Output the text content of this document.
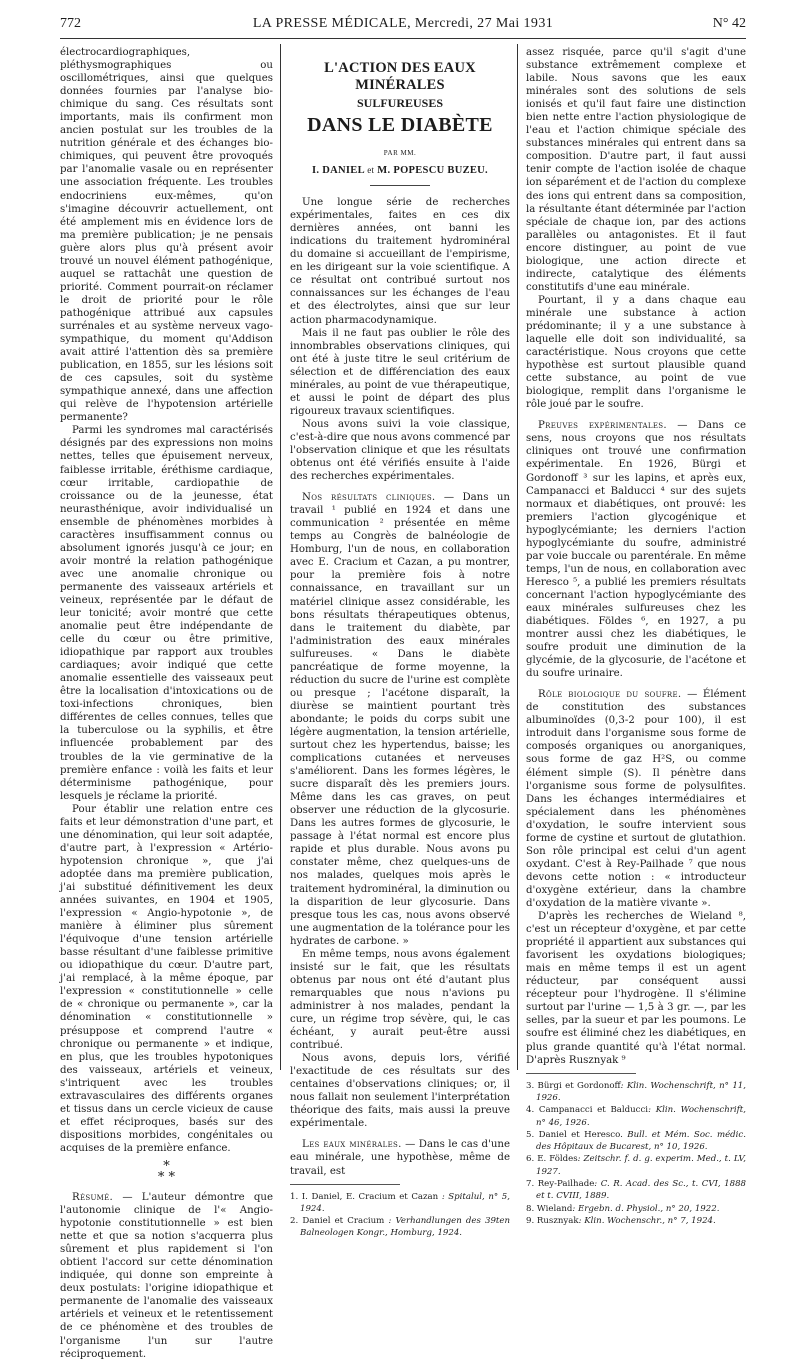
772	LA PRESSE MÉDICALE, Mercredi, 27 Mai 1931	N° 42

électrocardiographiques, pléthysmographiques ou oscillométriques, ainsi que quelques données fournies par l'analyse bio-chimique du sang. Ces résultats sont importants, mais ils confirment mon ancien postulat sur les troubles de la nutrition générale et des échanges bio-chimiques, qui peuvent être provoqués par l'anomalie vasale ou en représenter une association fréquente. Les troubles endocriniens eux-mêmes, qu'on s'imagine découvrir actuellement, ont été amplement mis en évidence lors de ma première publication; je ne pensais guère alors plus qu'à présent avoir trouvé un nouvel élément pathogénique, auquel se rattachât une question de priorité. Comment pourrait-on réclamer le droit de priorité pour le rôle pathogénique attribué aux capsules surrénales et au système nerveux vago-sympathique, du moment qu'Addison avait attiré l'attention dès sa première publication, en 1855, sur les lésions soit de ces capsules, soit du système sympathique annexé, dans une affection qui relève de l'hypotension artérielle permanente?

Parmi les syndromes mal caractérisés désignés par des expressions non moins nettes, telles que épuisement nerveux, faiblesse irritable, éréthisme cardiaque, cœur irritable, cardiopathie de croissance ou de la jeunesse, état neurasthénique, avoir individualisé un ensemble de phénomènes morbides à caractères insuffisamment connus ou absolument ignorés jusqu'à ce jour; en avoir montré la relation pathogénique avec une anomalie chronique ou permanente des vaisseaux artériels et veineux, représentée par le défaut de leur tonicité; avoir montré que cette anomalie peut être indépendante de celle du cœur ou être primitive, idiopathique par rapport aux troubles cardiaques; avoir indiqué que cette anomalie essentielle des vaisseaux peut être la localisation d'intoxications ou de toxi-infections chroniques, bien différentes de celles connues, telles que la tuberculose ou la syphilis, et être influencée probablement par des troubles de la vie germinative de la première enfance : voilà les faits et leur déterminisme pathogénique, pour lesquels je réclame la priorité.

Pour établir une relation entre ces faits et leur démonstration d'une part, et une dénomination, qui leur soit adaptée, d'autre part, à l'expression « Artério-hypotension chronique », que j'ai adoptée dans ma première publication, j'ai substitué définitivement les deux années suivantes, en 1904 et 1905, l'expression « Angio-hypotonie », de manière à éliminer plus sûrement l'équivoque d'une tension artérielle basse résultant d'une faiblesse primitive ou idiopathique du cœur. D'autre part, j'ai remplacé, à la même époque, par l'expression « constitutionnelle » celle de « chronique ou permanente », car la dénomination « constitutionnelle » présuppose et comprend l'autre « chronique ou permanente » et indique, en plus, que les troubles hypotoniques des vaisseaux, artériels et veineux, s'intriquent avec les troubles extravasculaires des différents organes et tissus dans un cercle vicieux de cause et effet réciproques, basés sur des dispositions morbides, congénitales ou acquises de la première enfance.

*
* *

Résumé. — L'auteur démontre que l'autonomie clinique de l'« Angio-hypotonie constitutionnelle » est bien nette et que sa notion s'acquerra plus sûrement et plus rapidement si l'on obtient l'accord sur cette dénomination indiquée, qui donne son empreinte à deux postulats: l'origine idiopathique et permanente de l'anomalie des vaisseaux artériels et veineux et le retentissement de ce phénomène et des troubles de l'organisme l'un sur l'autre réciproquement.

L'ACTION DES EAUX MINÉRALES
SULFUREUSES
DANS LE DIABÈTE
PAR MM.
I. DANIEL et M. POPESCU BUZEU.

Une longue série de recherches expérimentales, faites en ces dix dernières années, ont banni les indications du traitement hydrominéral du domaine si accueillant de l'empirisme, en les dirigeant sur la voie scientifique. A ce résultat ont contribué surtout nos connaissances sur les échanges de l'eau et des électrolytes, ainsi que sur leur action pharmacodynamique.

Mais il ne faut pas oublier le rôle des innombrables observations cliniques, qui ont été à juste titre le seul critérium de sélection et de différenciation des eaux minérales, au point de vue thérapeutique, et aussi le point de départ des plus rigoureux travaux scientifiques.

Nous avons suivi la voie classique, c'est-à-dire que nous avons commencé par l'observation clinique et que les résultats obtenus ont été vérifiés ensuite à l'aide des recherches expérimentales.

Nos résultats cliniques. — Dans un travail ¹ publié en 1924 et dans une communication ² présentée en même temps au Congrès de balnéologie de Homburg, l'un de nous, en collaboration avec E. Cracium et Cazan, a pu montrer, pour la première fois à notre connaissance, en travaillant sur un matériel clinique assez considérable, les bons résultats thérapeutiques obtenus, dans le traitement du diabète, par l'administration des eaux minérales sulfureuses. « Dans le diabète pancréatique de forme moyenne, la réduction du sucre de l'urine est complète ou presque ; l'acétone disparaît, la diurèse se maintient pourtant très abondante; le poids du corps subit une légère augmentation, la tension artérielle, surtout chez les hypertendus, baisse; les complications cutanées et nerveuses s'améliorent. Dans les formes légères, le sucre disparaît dès les premiers jours. Même dans les cas graves, on peut observer une réduction de la glycosurie. Dans les autres formes de glycosurie, le passage à l'état normal est encore plus rapide et plus durable. Nous avons pu constater même, chez quelques-uns de nos malades, quelques mois après le traitement hydrominéral, la diminution ou la disparition de leur glycosurie. Dans presque tous les cas, nous avons observé une augmentation de la tolérance pour les hydrates de carbone. »

En même temps, nous avons également insisté sur le fait, que les résultats obtenus par nous ont été d'autant plus remarquables que nous n'avions pu administrer à nos malades, pendant la cure, un régime trop sévère, qui, le cas échéant, y aurait peut-être aussi contribué.

Nous avons, depuis lors, vérifié l'exactitude de ces résultats sur des centaines d'observations cliniques; or, il nous fallait non seulement l'interprétation théorique des faits, mais aussi la preuve expérimentale.

Les eaux minérales. — Dans le cas d'une eau minérale, une hypothèse, même de travail, est

1. I. Daniel, E. Cracium et Cazan : Spitalul, n° 5, 1924.
2. Daniel et Cracium : Verhandlungen des 39ten Balneologen Kongr., Homburg, 1924.

assez risquée, parce qu'il s'agit d'une substance extrêmement complexe et labile. Nous savons que les eaux minérales sont des solutions de sels ionisés et qu'il faut faire une distinction bien nette entre l'action physiologique de l'eau et l'action chimique spéciale des substances minérales qui entrent dans sa composition. D'autre part, il faut aussi tenir compte de l'action isolée de chaque ion séparément et de l'action du complexe des ions qui entrent dans sa composition, la résultante étant déterminée par l'action spéciale de chaque ion, par des actions parallèles ou antagonistes. Et il faut encore distinguer, au point de vue biologique, une action directe et indirecte, catalytique des éléments constitutifs d'une eau minérale.

Pourtant, il y a dans chaque eau minérale une substance à action prédominante; il y a une substance à laquelle elle doit son individualité, sa caractéristique. Nous croyons que cette hypothèse est surtout plausible quand cette substance, au point de vue biologique, remplit dans l'organisme le rôle joué par le soufre.

Preuves expérimentales. — Dans ce sens, nous croyons que nos résultats cliniques ont trouvé une confirmation expérimentale. En 1926, Bürgi et Gordonoff ³ sur les lapins, et après eux, Campanacci et Balducci ⁴ sur des sujets normaux et diabétiques, ont prouvé: les premiers l'action glycogénique et hypoglycémiante; les derniers l'action hypoglycémiante du soufre, administré par voie buccale ou parentérale. En même temps, l'un de nous, en collaboration avec Heresco ⁵, a publié les premiers résultats concernant l'action hypoglycémiante des eaux minérales sulfureuses chez les diabétiques. Földes ⁶, en 1927, a pu montrer aussi chez les diabétiques, le soufre produit une diminution de la glycémie, de la glycosurie, de l'acétone et du soufre urinaire.

Rôle biologique du soufre. — Élément de constitution des substances albuminoïdes (0,3-2 pour 100), il est introduit dans l'organisme sous forme de composés organiques ou anorganiques, sous forme de gaz H²S, ou comme élément simple (S). Il pénètre dans l'organisme sous forme de polysulfites. Dans les échanges intermédiaires et spécialement dans les phénomènes d'oxydation, le soufre intervient sous forme de cystine et surtout de glutathion. Son rôle principal est celui d'un agent oxydant. C'est à Rey-Pailhade ⁷ que nous devons cette notion : « introducteur d'oxygène extérieur, dans la chambre d'oxydation de la matière vivante ».

D'après les recherches de Wieland ⁸, c'est un récepteur d'oxygène, et par cette propriété il appartient aux substances qui favorisent les oxydations biologiques; mais en même temps il est un agent réducteur, par conséquent aussi récepteur pour l'hydrogène. Il s'élimine surtout par l'urine — 1,5 à 3 gr. —, par les selles, par la sueur et par les poumons. Le soufre est éliminé chez les diabétiques, en plus grande quantité qu'à l'état normal. D'après Rusznyak ⁹

3. Bürgi et Gordonoff: Klin. Wochenschrift, n° 11, 1926.
4. Campanacci et Balducci: Klin. Wochenschrift, n° 46, 1926.
5. Daniel et Heresco. Bull. et Mém. Soc. médic. des Hôpitaux de Bucarest, n° 10, 1926.
6. E. Földes: Zeitschr. f. d. g. experim. Med., t. LV, 1927.
7. Rey-Pailhade: C. R. Acad. des Sc., t. CVI, 1888 et t. CVIII, 1889.
8. Wieland: Ergebn. d. Physiol., n° 20, 1922.
9. Rusznyak: Klin. Wochenschr., n° 7, 1924.
